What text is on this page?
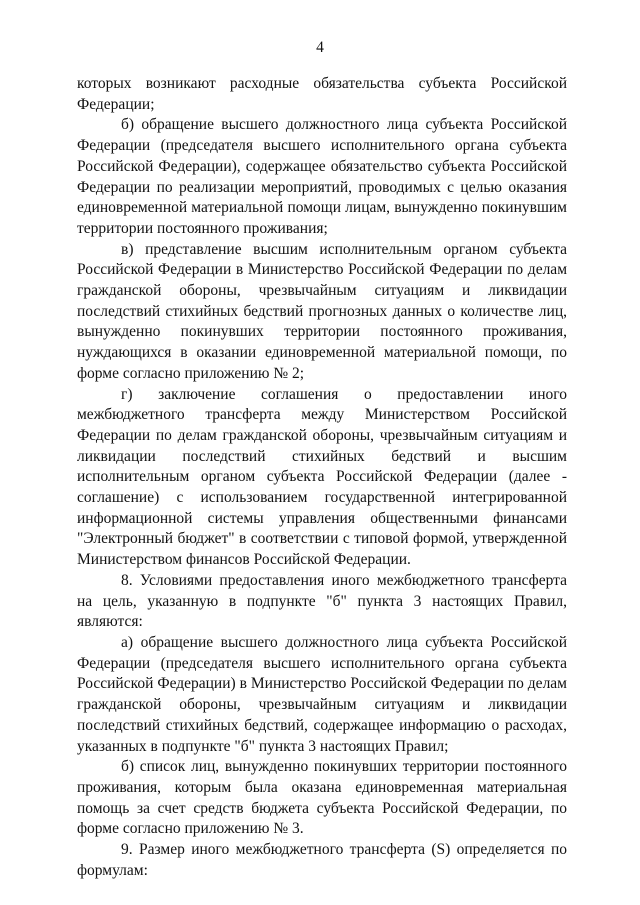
4

которых возникают расходные обязательства субъекта Российской Федерации;

б) обращение высшего должностного лица субъекта Российской Федерации (председателя высшего исполнительного органа субъекта Российской Федерации), содержащее обязательство субъекта Российской Федерации по реализации мероприятий, проводимых с целью оказания единовременной материальной помощи лицам, вынужденно покинувшим территории постоянного проживания;

в) представление высшим исполнительным органом субъекта Российской Федерации в Министерство Российской Федерации по делам гражданской обороны, чрезвычайным ситуациям и ликвидации последствий стихийных бедствий прогнозных данных о количестве лиц, вынужденно покинувших территории постоянного проживания, нуждающихся в оказании единовременной материальной помощи, по форме согласно приложению № 2;

г) заключение соглашения о предоставлении иного межбюджетного трансферта между Министерством Российской Федерации по делам гражданской обороны, чрезвычайным ситуациям и ликвидации последствий стихийных бедствий и высшим исполнительным органом субъекта Российской Федерации (далее - соглашение) с использованием государственной интегрированной информационной системы управления общественными финансами "Электронный бюджет" в соответствии с типовой формой, утвержденной Министерством финансов Российской Федерации.

8. Условиями предоставления иного межбюджетного трансферта на цель, указанную в подпункте "б" пункта 3 настоящих Правил, являются:

а) обращение высшего должностного лица субъекта Российской Федерации (председателя высшего исполнительного органа субъекта Российской Федерации) в Министерство Российской Федерации по делам гражданской обороны, чрезвычайным ситуациям и ликвидации последствий стихийных бедствий, содержащее информацию о расходах, указанных в подпункте "б" пункта 3 настоящих Правил;

б) список лиц, вынужденно покинувших территории постоянного проживания, которым была оказана единовременная материальная помощь за счет средств бюджета субъекта Российской Федерации, по форме согласно приложению № 3.

9. Размер иного межбюджетного трансферта (S) определяется по формулам:
